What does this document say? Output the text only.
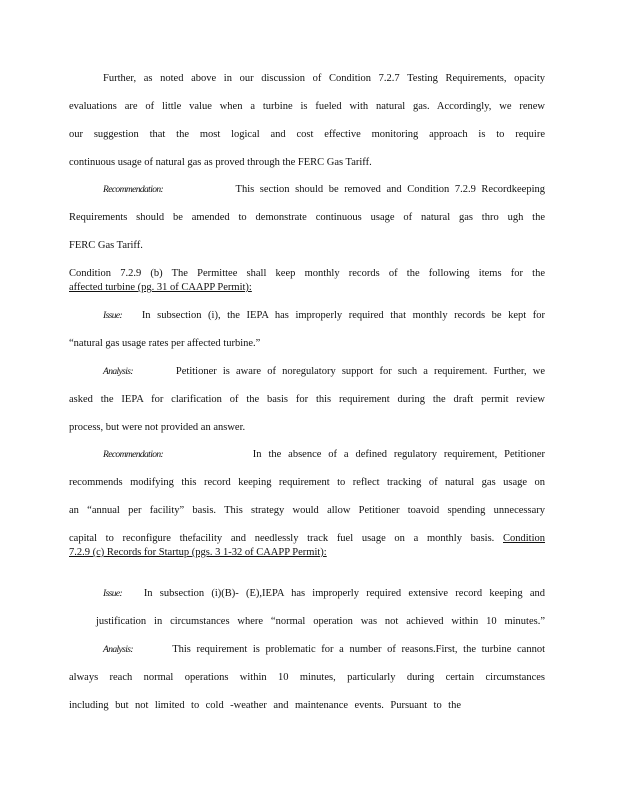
Further, as noted above in our discussion of Condition 7.2.7 Testing Requirements, opacity
evaluations are of little value when a turbine is fueled with natural gas. Accordingly, we renew
our suggestion that the most logical and cost effective monitoring approach is to require
continuous usage of natural gas as proved through the FERC Gas Tariff.
Recommendation:	This section should be removed and Condition 7.2.9 Recordkeeping
Requirements should be amended to demonstrate continuous usage of natural gas thro ugh the
FERC Gas Tariff.
Condition 7.2.9 (b) The Permittee shall keep monthly records of the following items for the
affected turbine (pg. 31 of CAAPP Permit):
Issue: In subsection (i), the IEPA has improperly required that monthly records be kept for
“natural gas usage rates per affected turbine.”
Analysis:	Petitioner is aware of noregulatory support for such a requirement. Further, we
asked the IEPA for clarification of the basis for this requirement during the draft permit review
process, but were not provided an answer.
Recommendation:	In the absence of a defined regulatory requirement, Petitioner
recommends modifying this record keeping requirement to reflect tracking of natural gas usage on
an “annual per facility” basis. This strategy would allow Petitioner toavoid spending unnecessary
capital to reconfigure thefacility and needlessly track fuel usage on a monthly basis. Condition
7.2.9 (c) Records for Startup (pgs. 3 1-32 of CAAPP Permit):
Issue: In subsection (i)(B)- (E),IEPA has improperly required extensive record keeping and
justification in circumstances where “normal operation was not achieved within 10 minutes.”
Analysis:	This requirement is problematic for a number of reasons.First, the turbine cannot
always reach normal operations within 10 minutes, particularly during certain circumstances
including but not limited to cold -weather and maintenance events. Pursuant to the
